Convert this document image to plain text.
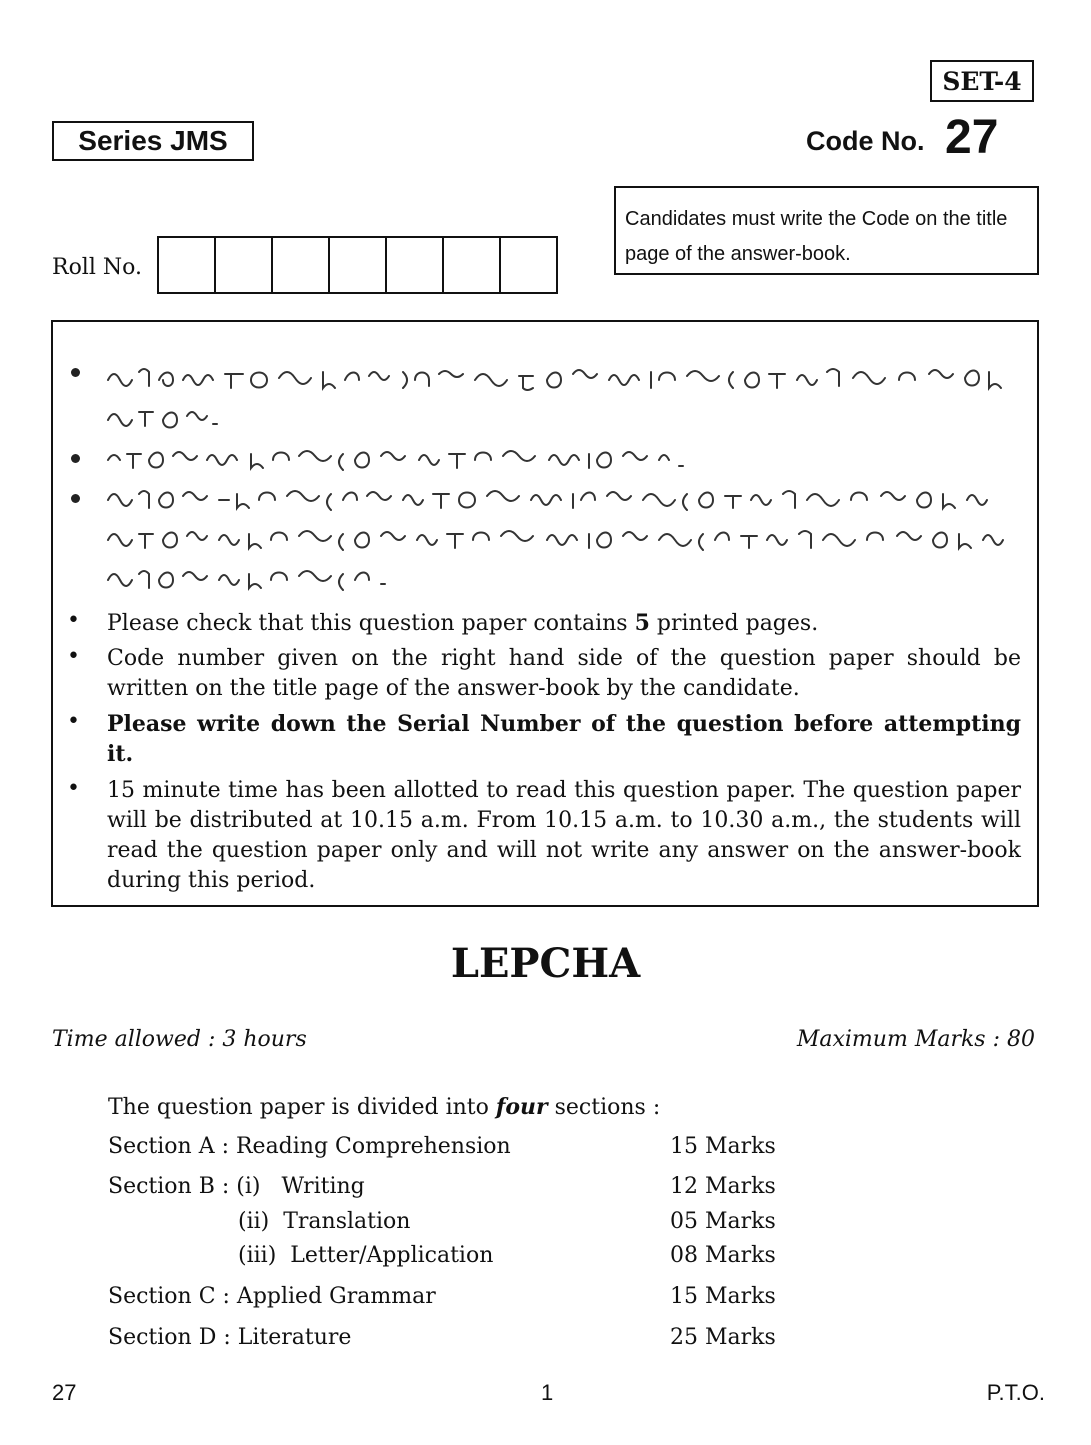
SET-4
Series JMS	Code No. 27
Candidates must write the Code on the title page of the answer-book.
Roll No.
• Please check that this question paper contains 5 printed pages.
• Code number given on the right hand side of the question paper should be written on the title page of the answer-book by the candidate.
• Please write down the Serial Number of the question before attempting it.
• 15 minute time has been allotted to read this question paper. The question paper will be distributed at 10.15 a.m. From 10.15 a.m. to 10.30 a.m., the students will read the question paper only and will not write any answer on the answer-book during this period.
LEPCHA
Time allowed : 3 hours	Maximum Marks : 80
The question paper is divided into four sections :
Section A : Reading Comprehension	15 Marks
Section B : (i)   Writing	12 Marks
(ii)  Translation	05 Marks
(iii)  Letter/Application	08 Marks
Section C : Applied Grammar	15 Marks
Section D : Literature	25 Marks
27	1	P.T.O.
